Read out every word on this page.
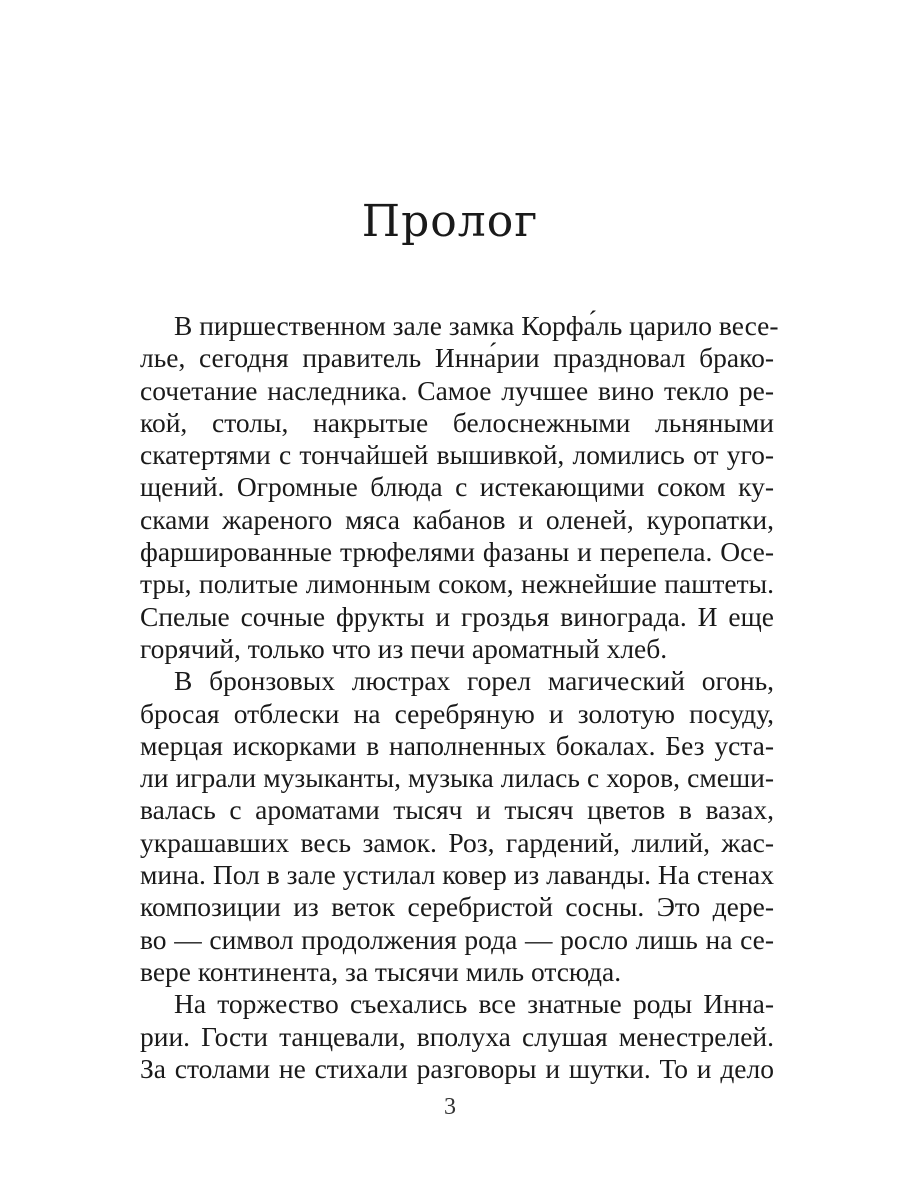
Пролог
В пиршественном зале замка Корфа́ль царило весе-
лье, сегодня правитель Инна́рии праздновал брако-
сочетание наследника. Самое лучшее вино текло ре-
кой, столы, накрытые белоснежными льняными
скатертями с тончайшей вышивкой, ломились от уго-
щений. Огромные блюда с истекающими соком ку-
сками жареного мяса кабанов и оленей, куропатки,
фаршированные трюфелями фазаны и перепела. Осе-
тры, политые лимонным соком, нежнейшие паштеты.
Спелые сочные фрукты и гроздья винограда. И еще
горячий, только что из печи ароматный хлеб.
В бронзовых люстрах горел магический огонь,
бросая отблески на серебряную и золотую посуду,
мерцая искорками в наполненных бокалах. Без уста-
ли играли музыканты, музыка лилась с хоров, смеши-
валась с ароматами тысяч и тысяч цветов в вазах,
украшавших весь замок. Роз, гардений, лилий, жас-
мина. Пол в зале устилал ковер из лаванды. На стенах
композиции из веток серебристой сосны. Это дере-
во — символ продолжения рода — росло лишь на се-
вере континента, за тысячи миль отсюда.
На торжество съехались все знатные роды Инна-
рии. Гости танцевали, вполуха слушая менестрелей.
За столами не стихали разговоры и шутки. То и дело
3
